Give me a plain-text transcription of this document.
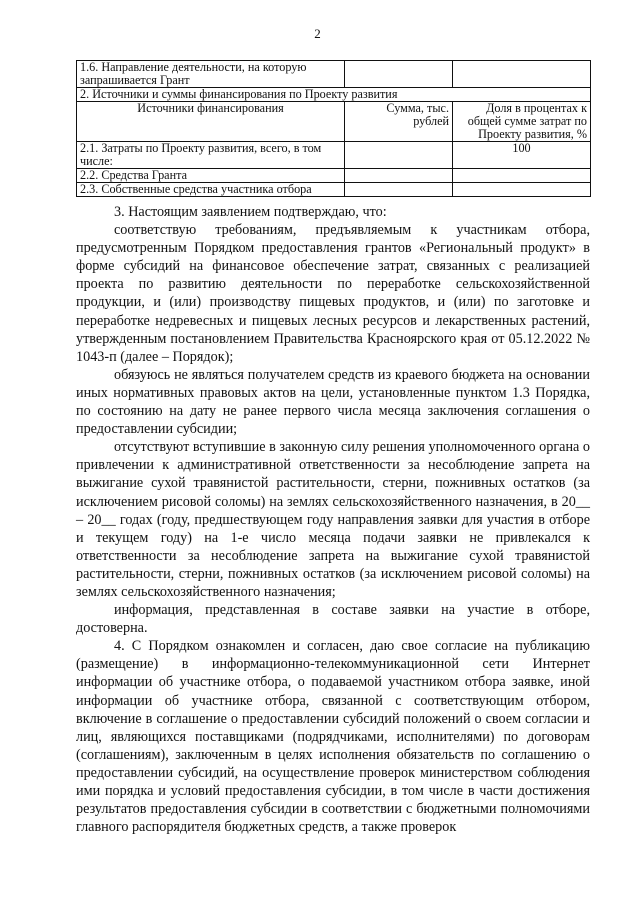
2
1.6. Направление деятельности, на которую запрашивается Грант		
2. Источники и суммы финансирования по Проекту развития		
Источники финансирования	Сумма, тыс. рублей	Доля в процентах к общей сумме затрат по Проекту развития, %
2.1. Затраты по Проекту развития, всего, в том числе:		100
2.2. Средства Гранта		
2.3. Собственные средства участника отбора		

3. Настоящим заявлением подтверждаю, что:

соответствую требованиям, предъявляемым к участникам отбора, предусмотренным Порядком предоставления грантов «Региональный продукт» в форме субсидий на финансовое обеспечение затрат, связанных с реализацией проекта по развитию деятельности по переработке сельскохозяйственной продукции, и (или) производству пищевых продуктов, и (или) по заготовке и переработке недревесных и пищевых лесных ресурсов и лекарственных растений, утвержденным постановлением Правительства Красноярского края от 05.12.2022 № 1043-п (далее – Порядок);

обязуюсь не являться получателем средств из краевого бюджета на основании иных нормативных правовых актов на цели, установленные пунктом 1.3 Порядка, по состоянию на дату не ранее первого числа месяца заключения соглашения о предоставлении субсидии;

отсутствуют вступившие в законную силу решения уполномоченного органа о привлечении к административной ответственности за несоблюдение запрета на выжигание сухой травянистой растительности, стерни, пожнивных остатков (за исключением рисовой соломы) на землях сельскохозяйственного назначения, в 20__ – 20__ годах (году, предшествующем году направления заявки для участия в отборе и текущем году) на 1-е число месяца подачи заявки не привлекался к ответственности за несоблюдение запрета на выжигание сухой травянистой растительности, стерни, пожнивных остатков (за исключением рисовой соломы) на землях сельскохозяйственного назначения;

информация, представленная в составе заявки на участие в отборе, достоверна.

4. С Порядком ознакомлен и согласен, даю свое согласие на публикацию (размещение) в информационно-телекоммуникационной сети Интернет информации об участнике отбора, о подаваемой участником отбора заявке, иной информации об участнике отбора, связанной с соответствующим отбором, включение в соглашение о предоставлении субсидий положений о своем согласии и лиц, являющихся поставщиками (подрядчиками, исполнителями) по договорам (соглашениям), заключенным в целях исполнения обязательств по соглашению о предоставлении субсидий, на осуществление проверок министерством соблюдения ими порядка и условий предоставления субсидии, в том числе в части достижения результатов предоставления субсидии в соответствии с бюджетными полномочиями главного распорядителя бюджетных средств, а также проверок
